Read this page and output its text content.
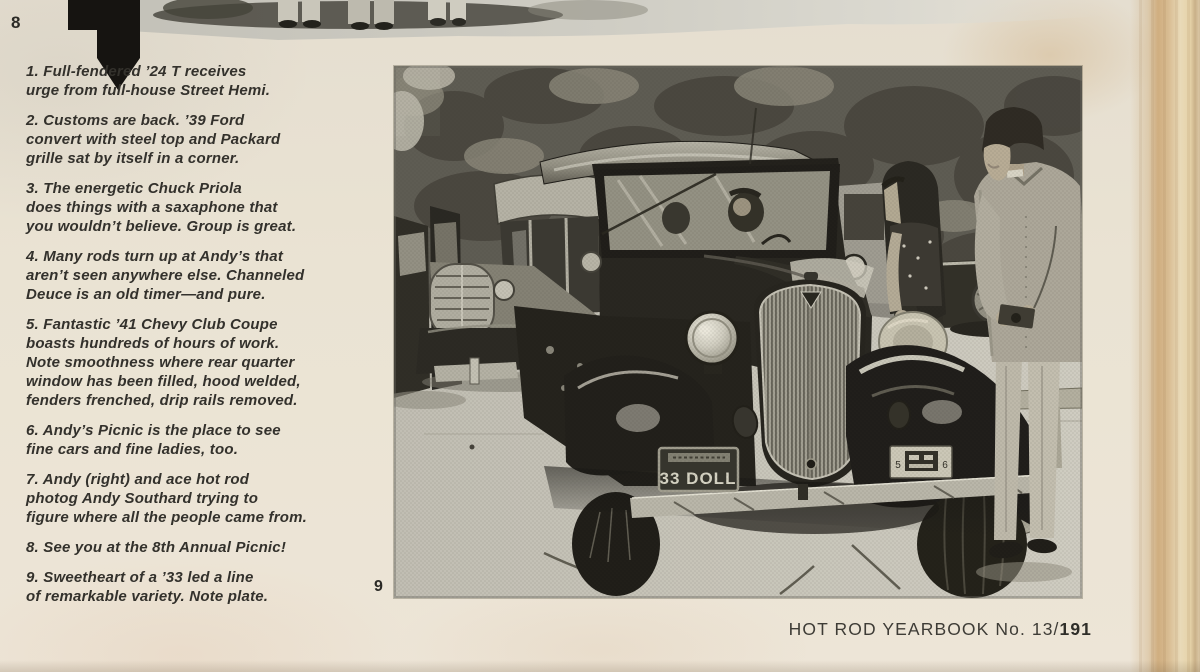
8
1. Full-fendered ’24 T receives
urge from full-house Street Hemi.
2. Customs are back. ’39 Ford
convert with steel top and Packard
grille sat by itself in a corner.
3. The energetic Chuck Priola
does things with a saxaphone that
you wouldn’t believe. Group is great.
4. Many rods turn up at Andy’s that
aren’t seen anywhere else. Channeled
Deuce is an old timer—and pure.
5. Fantastic ’41 Chevy Club Coupe
boasts hundreds of hours of work.
Note smoothness where rear quarter
window has been filled, hood welded,
fenders frenched, drip rails removed.
6. Andy’s Picnic is the place to see
fine cars and fine ladies, too.
7. Andy (right) and ace hot rod
photog Andy Southard trying to
figure where all the people came from.
8. See you at the 8th Annual Picnic!
9. Sweetheart of a ’33 led a line
of remarkable variety. Note plate.
33 DOLL
5	6
9
HOT ROD YEARBOOK No. 13/191
